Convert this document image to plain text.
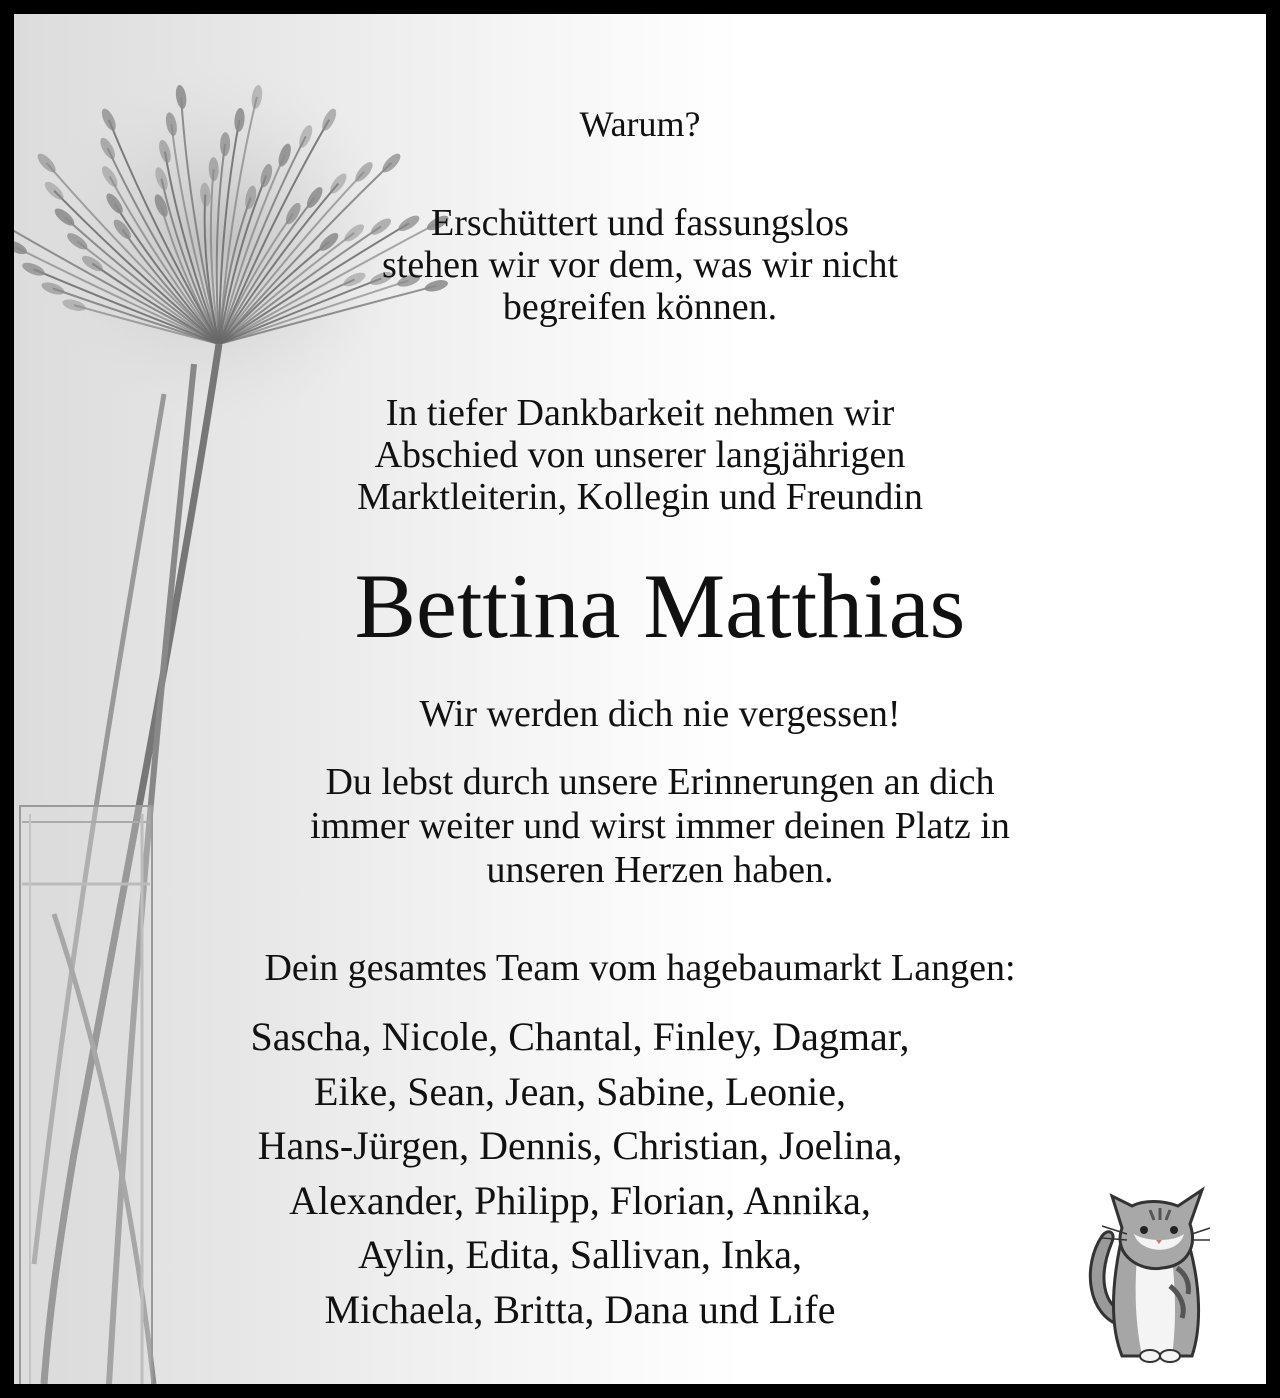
Warum?

Erschüttert und fassungslos
stehen wir vor dem, was wir nicht
begreifen können.

In tiefer Dankbarkeit nehmen wir
Abschied von unserer langjährigen
Marktleiterin, Kollegin und Freundin

Bettina Matthias

Wir werden dich nie vergessen!

Du lebst durch unsere Erinnerungen an dich
immer weiter und wirst immer deinen Platz in
unseren Herzen haben.

Dein gesamtes Team vom hagebaumarkt Langen:

Sascha, Nicole, Chantal, Finley, Dagmar,
Eike, Sean, Jean, Sabine, Leonie,
Hans-Jürgen, Dennis, Christian, Joelina,
Alexander, Philipp, Florian, Annika,
Aylin, Edita, Sallivan, Inka,
Michaela, Britta, Dana und Life
